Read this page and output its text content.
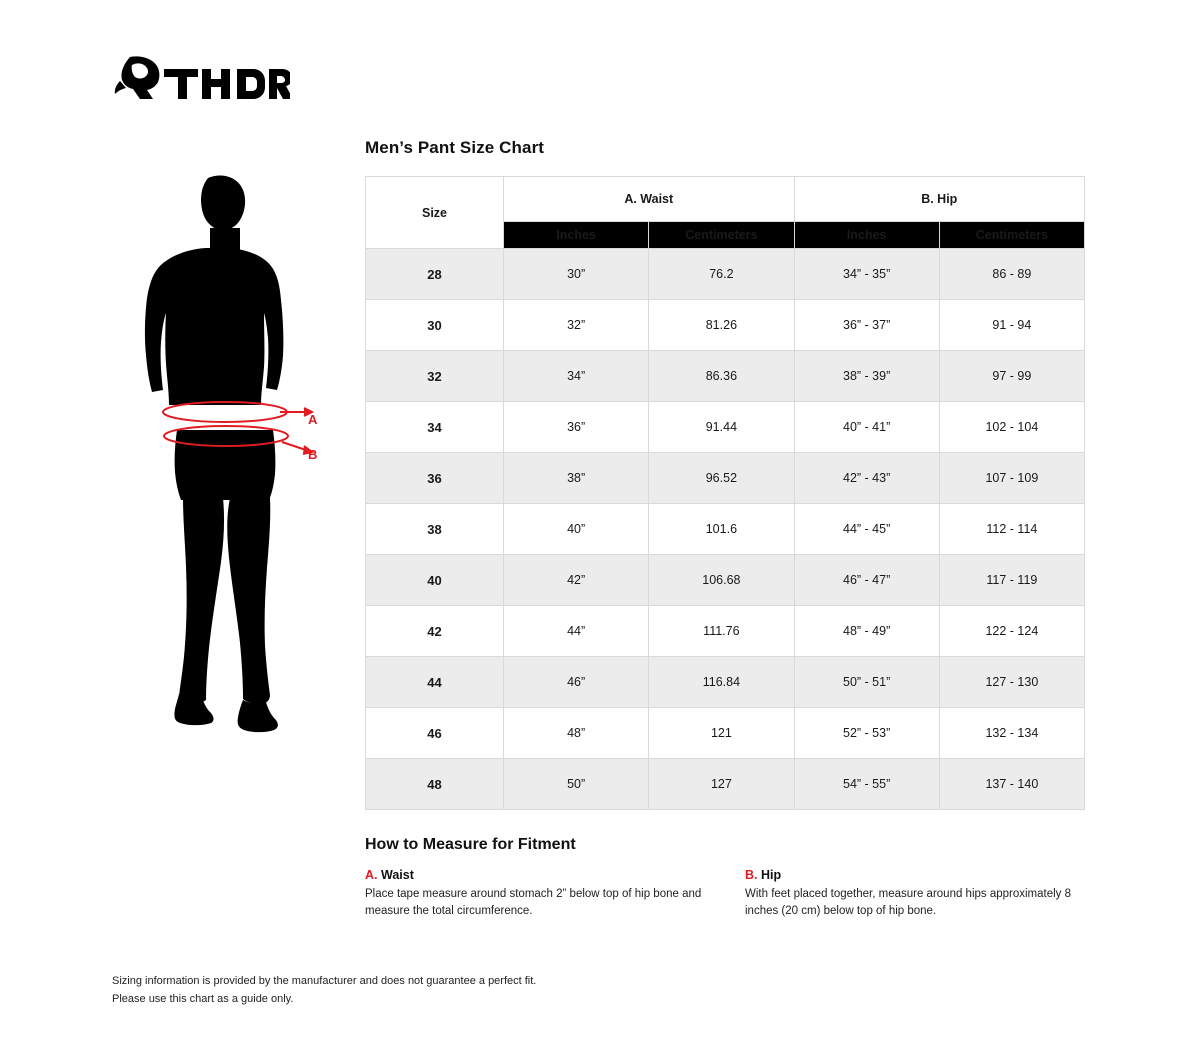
A
B
Men’s Pant Size Chart
Size	A. Waist		B. Hip	
	Inches	Centimeters	Inches	Centimeters
28	30”	76.2	34” - 35”	86 - 89
30	32”	81.26	36” - 37”	91 - 94
32	34”	86.36	38” - 39”	97 - 99
34	36”	91.44	40” - 41”	102 - 104
36	38”	96.52	42” - 43”	107 - 109
38	40”	101.6	44” - 45”	112 - 114
40	42”	106.68	46” - 47”	117 - 119
42	44”	111.76	48” - 49”	122 - 124
44	46”	116.84	50” - 51”	127 - 130
46	48”	121	52” - 53”	132 - 134
48	50”	127	54” - 55”	137 - 140
How to Measure for Fitment
A. Waist
Place tape measure around stomach 2” below top of hip bone and measure the total circumference.
B. Hip
With feet placed together, measure around hips approximately 8 inches (20 cm) below top of hip bone.
Sizing information is provided by the manufacturer and does not guarantee a perfect fit.
Please use this chart as a guide only.
